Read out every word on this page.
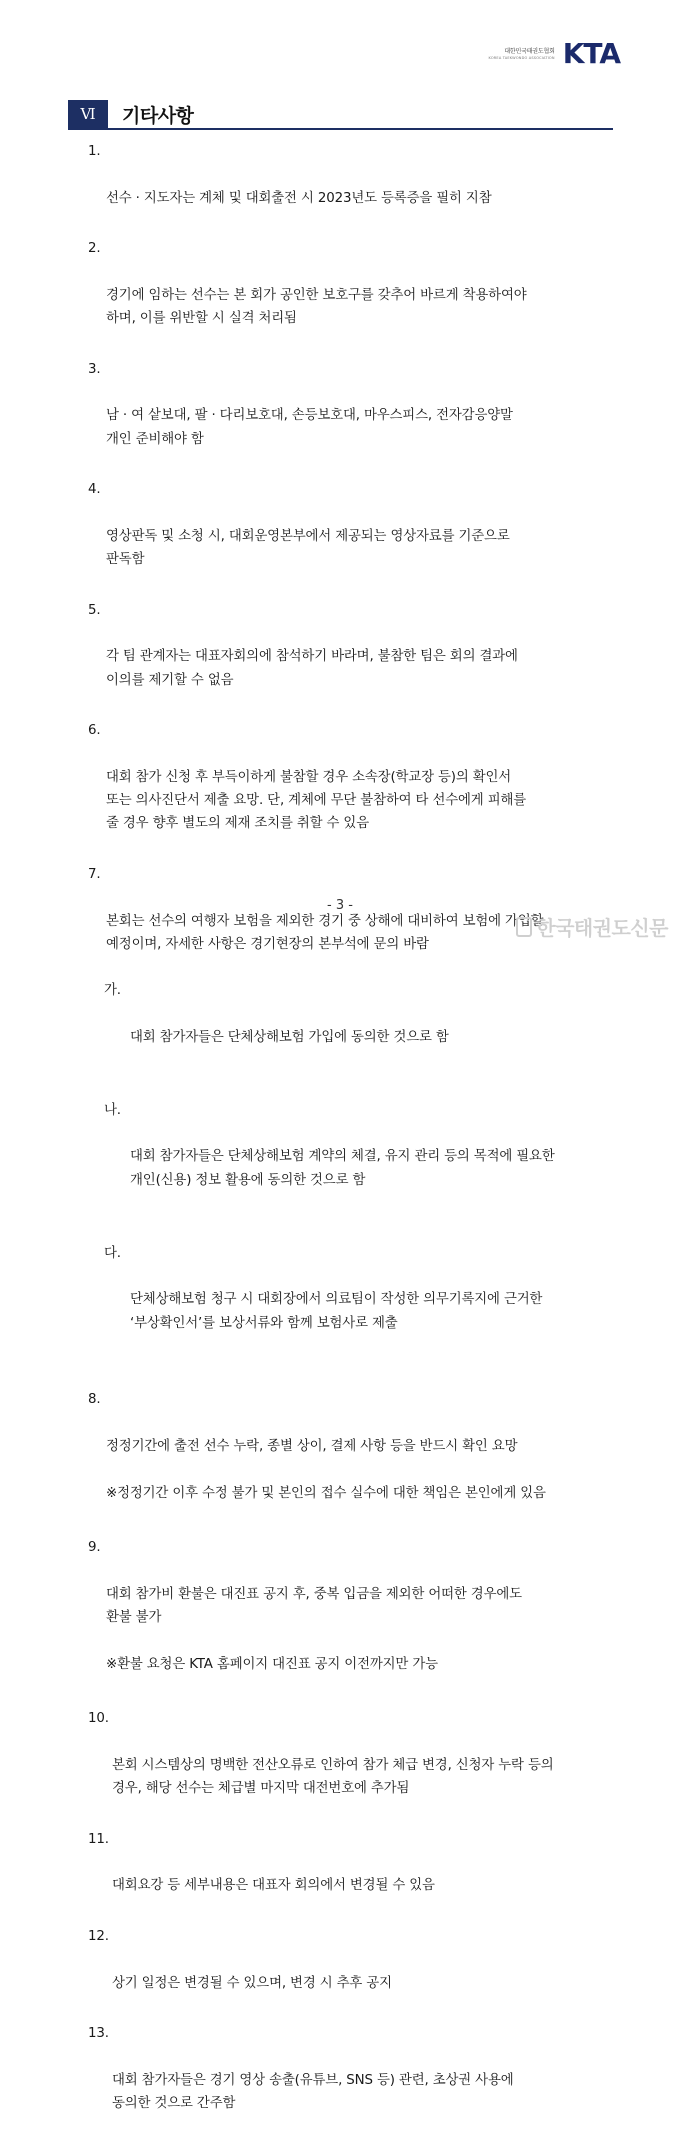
대한민국태권도협회
KOREA TAEKWONDO ASSOCIATION KTA
Ⅵ	기타사항

1.

선수 · 지도자는 계체 및 대회출전 시 2023년도 등록증을 필히 지참

2.

경기에 임하는 선수는 본 회가 공인한 보호구를 갖추어 바르게 착용하여야
하며, 이를 위반할 시 실격 처리됨

3.

남 · 여 샅보대, 팔 · 다리보호대, 손등보호대, 마우스피스, 전자감응양말
개인 준비해야 함

4.

영상판독 및 소청 시, 대회운영본부에서 제공되는 영상자료를 기준으로
판독함

5.

각 팀 관계자는 대표자회의에 참석하기 바라며, 불참한 팀은 회의 결과에
이의를 제기할 수 없음

6.

대회 참가 신청 후 부득이하게 불참할 경우 소속장(학교장 등)의 확인서
또는 의사진단서 제출 요망. 단, 계체에 무단 불참하여 타 선수에게 피해를
줄 경우 향후 별도의 제재 조치를 취할 수 있음

7.

본회는 선수의 여행자 보험을 제외한 경기 중 상해에 대비하여 보험에 가입할
예정이며, 자세한 사항은 경기현장의 본부석에 문의 바람

가.

대회 참가자들은 단체상해보험 가입에 동의한 것으로 함

나.

대회 참가자들은 단체상해보험 계약의 체결, 유지 관리 등의 목적에 필요한
개인(신용) 정보 활용에 동의한 것으로 함

다.

단체상해보험 청구 시 대회장에서 의료팀이 작성한 의무기록지에 근거한
‘부상확인서’를 보상서류와 함께 보험사로 제출

8.

정정기간에 출전 선수 누락, 종별 상이, 결제 사항 등을 반드시 확인 요망

※정정기간 이후 수정 불가 및 본인의 접수 실수에 대한 책임은 본인에게 있음

9.

대회 참가비 환불은 대진표 공지 후, 중복 입금을 제외한 어떠한 경우에도
환불 불가

※환불 요청은 KTA 홈페이지 대진표 공지 이전까지만 가능

10.

본회 시스템상의 명백한 전산오류로 인하여 참가 체급 변경, 신청자 누락 등의
경우, 해당 선수는 체급별 마지막 대전번호에 추가됨

11.

대회요강 등 세부내용은 대표자 회의에서 변경될 수 있음

12.

상기 일정은 변경될 수 있으며, 변경 시 추후 공지

13.

대회 참가자들은 경기 영상 송출(유튜브, SNS 등) 관련, 초상권 사용에
동의한 것으로 간주함

- 3 -
한국태권도신문
